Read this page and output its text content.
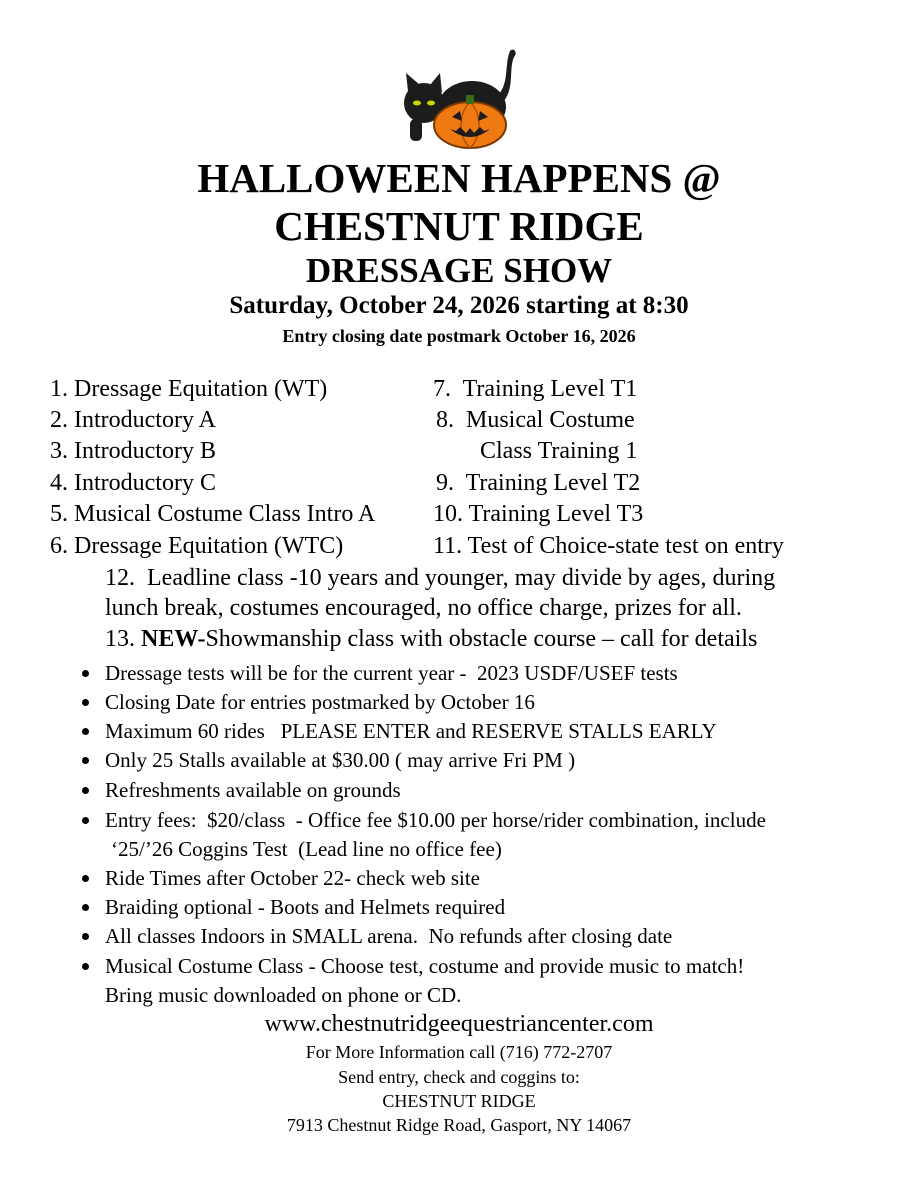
HALLOWEEN HAPPENS @
CHESTNUT RIDGE
DRESSAGE SHOW
Saturday, October 24, 2026 starting at 8:30
Entry closing date postmark October 16, 2026
1. Dressage Equitation (WT)
2. Introductory A
3. Introductory B
4. Introductory C
5. Musical Costume Class Intro A
6. Dressage Equitation (WTC)
7.  Training Level T1
8.  Musical Costume
Class Training 1
9.  Training Level T2
10. Training Level T3
11. Test of Choice-state test on entry
12.  Leadline class -10 years and younger, may divide by ages, during
lunch break, costumes encouraged, no office charge, prizes for all.
13. NEW-Showmanship class with obstacle course – call for details
Dressage tests will be for the current year -  2023 USDF/USEF tests
Closing Date for entries postmarked by October 16
Maximum 60 rides   PLEASE ENTER and RESERVE STALLS EARLY
Only 25 Stalls available at $30.00 ( may arrive Fri PM )
Refreshments available on grounds
Entry fees:  $20/class  - Office fee $10.00 per horse/rider combination, include
‘25/’26 Coggins Test  (Lead line no office fee)
Ride Times after October 22- check web site
Braiding optional - Boots and Helmets required
All classes Indoors in SMALL arena.  No refunds after closing date
Musical Costume Class - Choose test, costume and provide music to match!
Bring music downloaded on phone or CD.
www.chestnutridgeequestriancenter.com
For More Information call (716) 772-2707
Send entry, check and coggins to:
CHESTNUT RIDGE
7913 Chestnut Ridge Road, Gasport, NY 14067
